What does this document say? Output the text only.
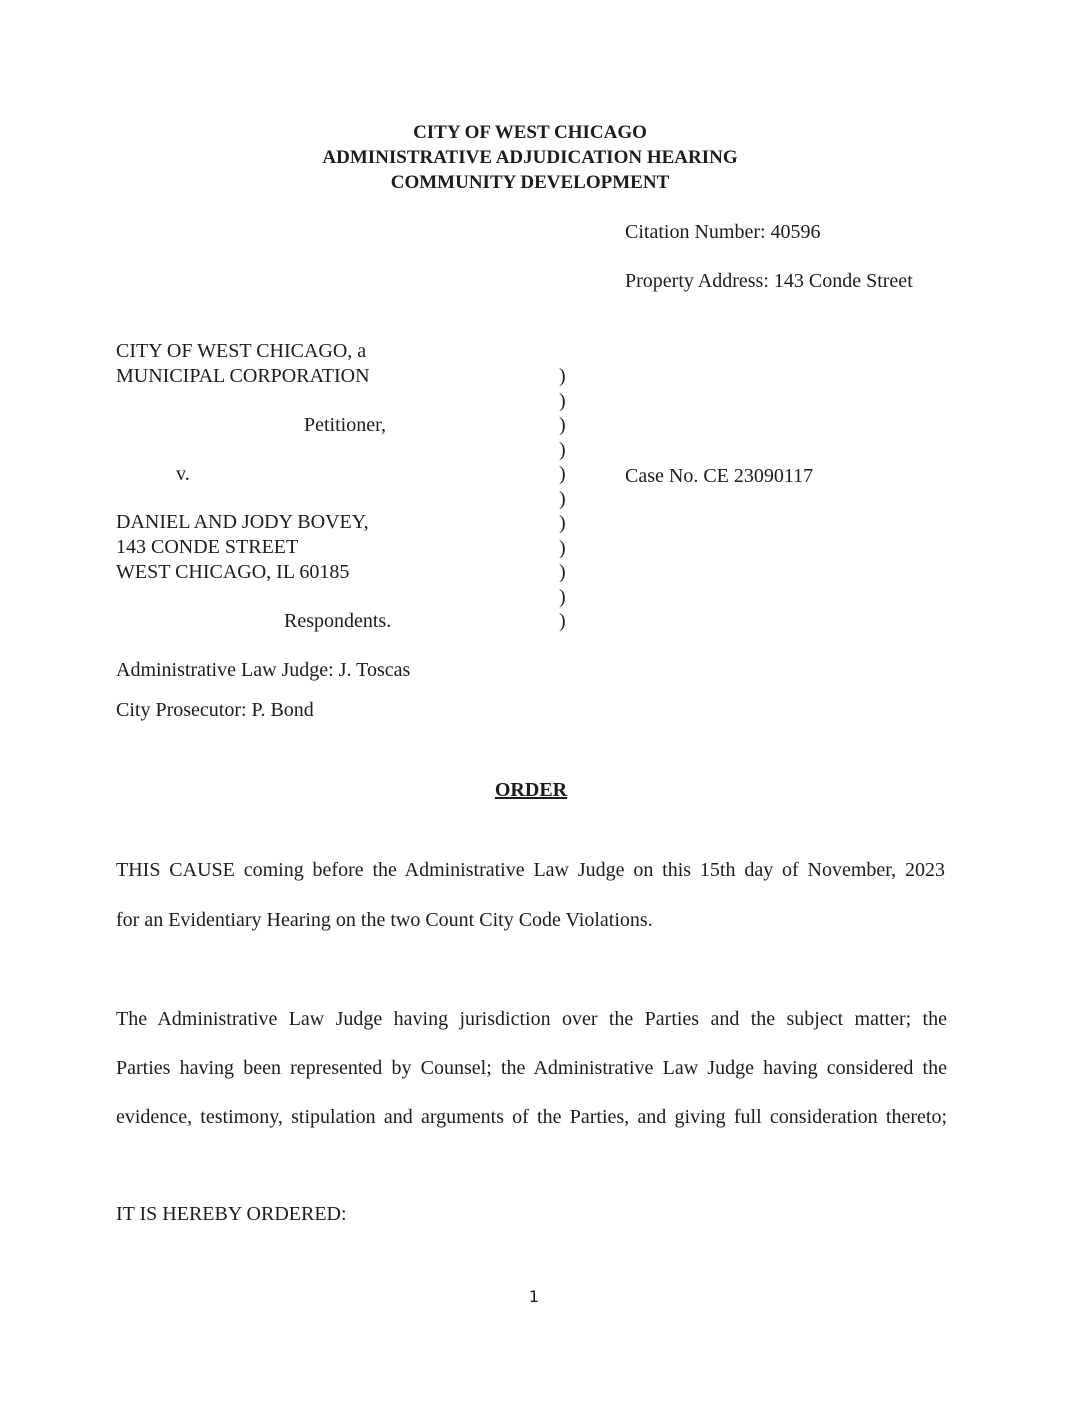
CITY OF WEST CHICAGO
ADMINISTRATIVE ADJUDICATION HEARING
COMMUNITY DEVELOPMENT
Citation Number: 40596
Property Address: 143 Conde Street
CITY OF WEST CHICAGO, a
MUNICIPAL CORPORATION
Petitioner,
v.
DANIEL AND JODY BOVEY,
143 CONDE STREET
WEST CHICAGO, IL 60185
Respondents.
)
)
)
)
)
)
)
)
)
)
)
Case No. CE 23090117
Administrative Law Judge: J. Toscas
City Prosecutor: P. Bond
ORDER
THIS CAUSE coming before the Administrative Law Judge on this 15th day of November, 2023
for an Evidentiary Hearing on the two Count City Code Violations.
The Administrative Law Judge having jurisdiction over the Parties and the subject matter; the
Parties having been represented by Counsel; the Administrative Law Judge having considered the
evidence, testimony, stipulation and arguments of the Parties, and giving full consideration thereto;
IT IS HEREBY ORDERED:
1
